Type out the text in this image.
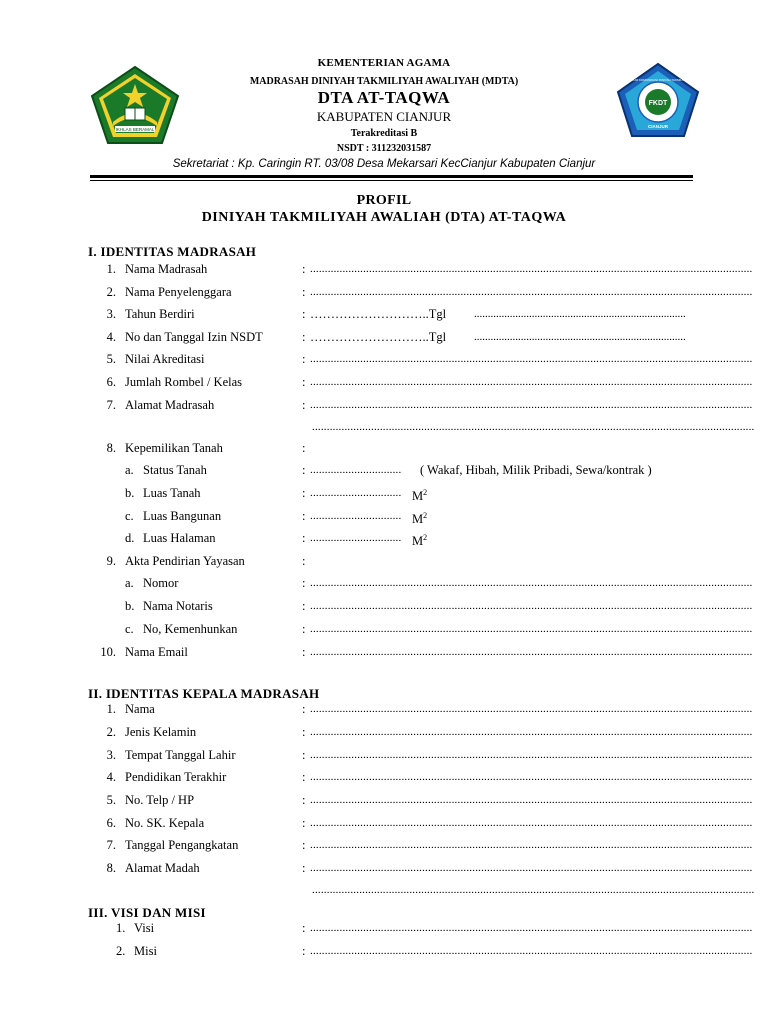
IKHLAS BERAMAL
FKDT
FORUM KOMUNIKASI DINIYAH TAKMILIYAH
CIANJUR
KEMENTERIAN AGAMA
MADRASAH DINIYAH TAKMILIYAH AWALIYAH (MDTA)
DTA AT-TAQWA
KABUPATEN CIANJUR
Terakreditasi B
NSDT : 311232031587
Sekretariat : Kp. Caringin RT. 03/08 Desa Mekarsari KecCianjur Kabupaten Cianjur
PROFIL
DINIYAH TAKMILIYAH AWALIAH (DTA) AT-TAQWA
I. IDENTITAS MADRASAH
1. Nama Madrasah	: ......................................................................................................................................................
2. Nama Penyelenggara	: ......................................................................................................................................................
3. Tahun Berdiri	: ………………………..Tgl	.............................................................................
4. No dan Tanggal Izin NSDT	: ………………………..Tgl	.............................................................................
5. Nilai Akreditasi	: ......................................................................................................................................................
6. Jumlah Rombel / Kelas	: ......................................................................................................................................................
7. Alamat Madrasah	: ......................................................................................................................................................
......................................................................................................................................................
8. Kepemilikan Tanah	:
a. Status Tanah	: ............................... ( Wakaf, Hibah, Milik Pribadi, Sewa/kontrak )
b. Luas Tanah	: ............................... $M^2$
c. Luas Bangunan	: ............................... $M^2$
d. Luas Halaman	: ............................... $M^2$
9. Akta Pendirian Yayasan	:
a. Nomor	: ......................................................................................................................................................
b. Nama Notaris	: ......................................................................................................................................................
c. No, Kemenhunkan	: ......................................................................................................................................................
10. Nama Email	: ......................................................................................................................................................
II. IDENTITAS KEPALA MADRASAH
1. Nama	: ......................................................................................................................................................
2. Jenis Kelamin	: ......................................................................................................................................................
3. Tempat Tanggal Lahir	: ......................................................................................................................................................
4. Pendidikan Terakhir	: ......................................................................................................................................................
5. No. Telp / HP	: ......................................................................................................................................................
6. No. SK. Kepala	: ......................................................................................................................................................
7. Tanggal Pengangkatan	: ......................................................................................................................................................
8. Alamat Madah	: ......................................................................................................................................................
......................................................................................................................................................
III. VISI DAN MISI
1. Visi	: ......................................................................................................................................................
2. Misi	: ......................................................................................................................................................
